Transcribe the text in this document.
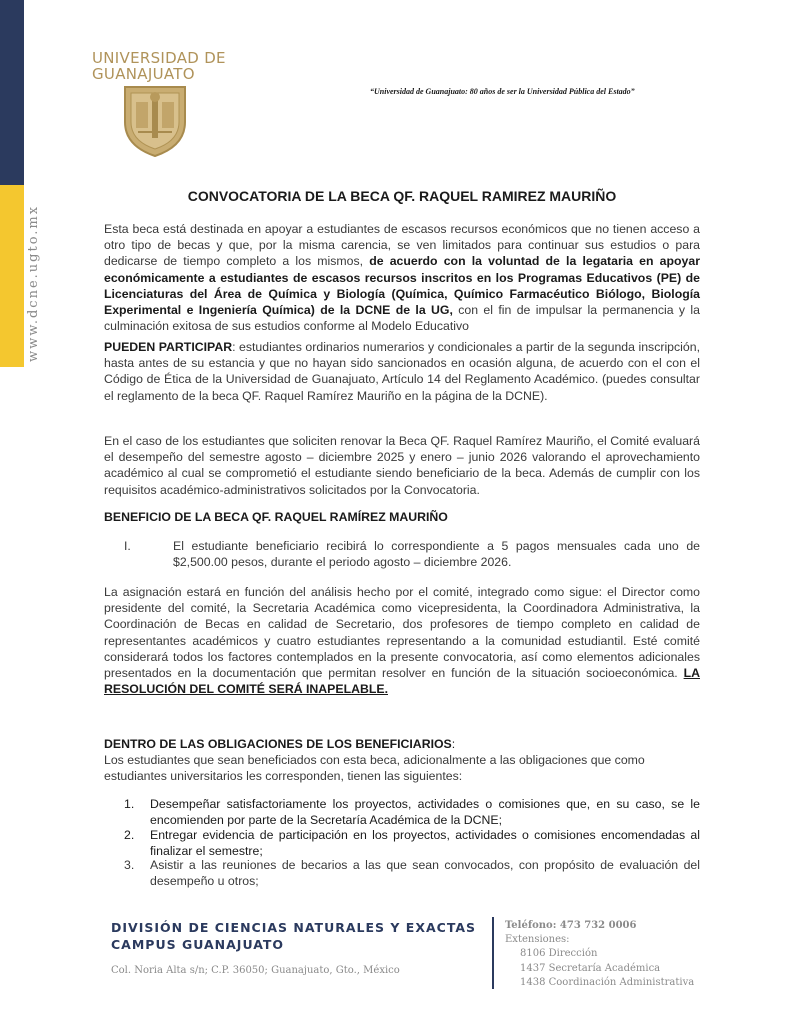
www.dcne.ugto.mx
UNIVERSIDAD DE
GUANAJUATO
“Universidad de Guanajuato: 80 años de ser la Universidad Pública del Estado”
CONVOCATORIA DE LA BECA QF. RAQUEL RAMIREZ MAURIÑO

Esta beca está destinada en apoyar a estudiantes de escasos recursos económicos que no tienen acceso a otro tipo de becas y que, por la misma carencia, se ven limitados para continuar sus estudios o para dedicarse de tiempo completo a los mismos, de acuerdo con la voluntad de la legataria en apoyar económicamente a estudiantes de escasos recursos inscritos en los Programas Educativos (PE) de Licenciaturas del Área de Química y Biología (Química, Químico Farmacéutico Biólogo, Biología Experimental e Ingeniería Química) de la DCNE de la UG, con el fin de impulsar la permanencia y la culminación exitosa de sus estudios conforme al Modelo Educativo

PUEDEN PARTICIPAR: estudiantes ordinarios numerarios y condicionales a partir de la segunda inscripción, hasta antes de su estancia y que no hayan sido sancionados en ocasión alguna, de acuerdo con el con el Código de Ética de la Universidad de Guanajuato, Artículo 14 del Reglamento Académico. (puedes consultar el reglamento de la beca QF. Raquel Ramírez Mauriño en la página de la DCNE).

En el caso de los estudiantes que soliciten renovar la Beca QF. Raquel Ramírez Mauriño, el Comité evaluará el desempeño del semestre agosto – diciembre 2025 y enero – junio 2026 valorando el aprovechamiento académico al cual se comprometió el estudiante siendo beneficiario de la beca. Además de cumplir con los requisitos académico-administrativos solicitados por la Convocatoria.

BENEFICIO DE LA BECA QF. RAQUEL RAMÍREZ MAURIÑO

I.	El estudiante beneficiario recibirá lo correspondiente a 5 pagos mensuales cada uno de $2,500.00 pesos, durante el periodo agosto – diciembre 2026.

La asignación estará en función del análisis hecho por el comité, integrado como sigue: el Director como presidente del comité, la Secretaria Académica como vicepresidenta, la Coordinadora Administrativa, la Coordinación de Becas en calidad de Secretario, dos profesores de tiempo completo en calidad de representantes académicos y cuatro estudiantes representando a la comunidad estudiantil. Esté comité considerará todos los factores contemplados en la presente convocatoria, así como elementos adicionales presentados en la documentación que permitan resolver en función de la situación socioeconómica. LA RESOLUCIÓN DEL COMITÉ SERÁ INAPELABLE.

DENTRO DE LAS OBLIGACIONES DE LOS BENEFICIARIOS:

Los estudiantes que sean beneficiados con esta beca, adicionalmente a las obligaciones que como estudiantes universitarios les corresponden, tienen las siguientes:

1. Desempeñar satisfactoriamente los proyectos, actividades o comisiones que, en su caso, se le encomienden por parte de la Secretaría Académica de la DCNE;
2. Entregar evidencia de participación en los proyectos, actividades o comisiones encomendadas al finalizar el semestre;
3. Asistir a las reuniones de becarios a las que sean convocados, con propósito de evaluación del desempeño u otros;
DIVISIÓN DE CIENCIAS NATURALES Y EXACTAS
CAMPUS GUANAJUATO
Col. Noria Alta s/n; C.P. 36050; Guanajuato, Gto., México
Teléfono: 473 732 0006
Extensiones:
8106 Dirección
1437 Secretaría Académica
1438 Coordinación Administrativa
